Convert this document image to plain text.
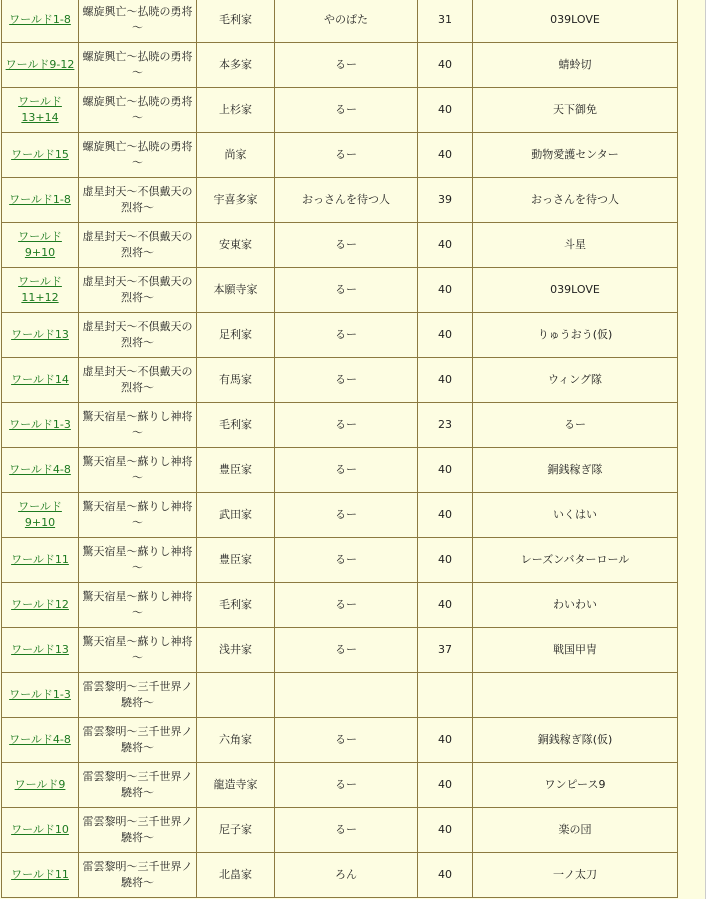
ワールド1-8	螺旋興亡～払暁の勇将～	毛利家	やのぱた	31	039LOVE
ワールド9-12	螺旋興亡～払暁の勇将～	本多家	るー	40	蜻蛉切
ワールド13+14	螺旋興亡～払暁の勇将～	上杉家	るー	40	天下御免
ワールド15	螺旋興亡～払暁の勇将～	尚家	るー	40	動物愛護センター
ワールド1-8	虚星封天～不倶戴天の烈将～	宇喜多家	おっさんを待つ人	39	おっさんを待つ人
ワールド9+10	虚星封天～不倶戴天の烈将～	安東家	るー	40	斗星
ワールド11+12	虚星封天～不倶戴天の烈将～	本願寺家	るー	40	039LOVE
ワールド13	虚星封天～不倶戴天の烈将～	足利家	るー	40	りゅうおう(仮)
ワールド14	虚星封天～不倶戴天の烈将～	有馬家	るー	40	ウィング隊
ワールド1-3	驚天宿星～蘇りし神将～	毛利家	るー	23	るー
ワールド4-8	驚天宿星～蘇りし神将～	豊臣家	るー	40	銅銭稼ぎ隊
ワールド9+10	驚天宿星～蘇りし神将～	武田家	るー	40	いくはい
ワールド11	驚天宿星～蘇りし神将～	豊臣家	るー	40	レーズンバターロール
ワールド12	驚天宿星～蘇りし神将～	毛利家	るー	40	わいわい
ワールド13	驚天宿星～蘇りし神将～	浅井家	るー	37	戦国甲冑
ワールド1-3	雷雲黎明～三千世界ノ驍将～				
ワールド4-8	雷雲黎明～三千世界ノ驍将～	六角家	るー	40	銅銭稼ぎ隊(仮)
ワールド9	雷雲黎明～三千世界ノ驍将～	龍造寺家	るー	40	ワンピース9
ワールド10	雷雲黎明～三千世界ノ驍将～	尼子家	るー	40	楽の団
ワールド11	雷雲黎明～三千世界ノ驍将～	北畠家	ろん	40	一ノ太刀
